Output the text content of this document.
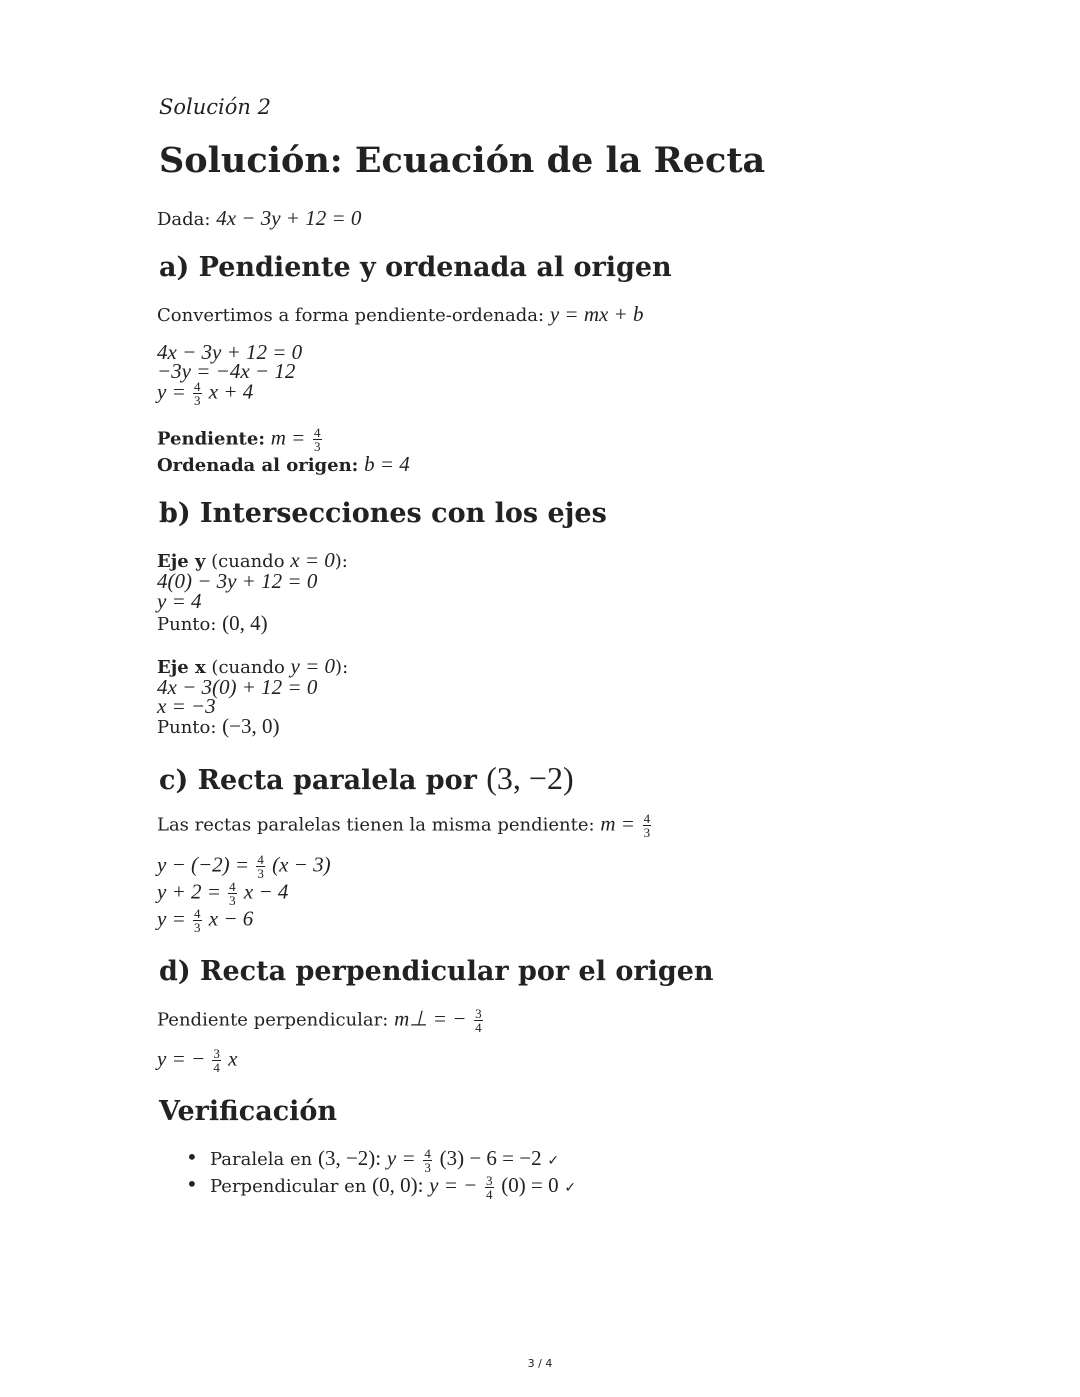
Solución 2
Solución: Ecuación de la Recta
Dada: 4x − 3y + 12 = 0
a) Pendiente y ordenada al origen
Convertimos a forma pendiente-ordenada: y = mx + b
4x − 3y + 12 = 0
−3y = −4x − 12
$y = \frac{4}{3}$ x + 4
Pendiente: $m = \frac{4}{3}$
Ordenada al origen: b = 4
b) Intersecciones con los ejes
Eje y (cuando x = 0):
4(0) − 3y + 12 = 0
y = 4
Punto: (0, 4)
Eje x (cuando y = 0):
4x − 3(0) + 12 = 0
x = −3
Punto: (−3, 0)
c) Recta paralela por (3, −2)
Las rectas paralelas tienen la misma pendiente: $m = \frac{4}{3}$
$y - (-2) = \frac{4}{3} (x - 3)$
$y + 2 = \frac{4}{3}$ x − 4
$y = \frac{4}{3}$ x − 6
d) Recta perpendicular por el origen
Pendiente perpendicular: m⊥ = − $\frac{3}{4}$
y = − $\frac{3}{4}$ x
Verificación
• Paralela en (3, −2): $y = \frac{4}{3} (3) - 6 = -2$ ✓
• Perpendicular en (0, 0): y = − $\frac{3}{4} (0) = 0$ ✓
3 / 4
